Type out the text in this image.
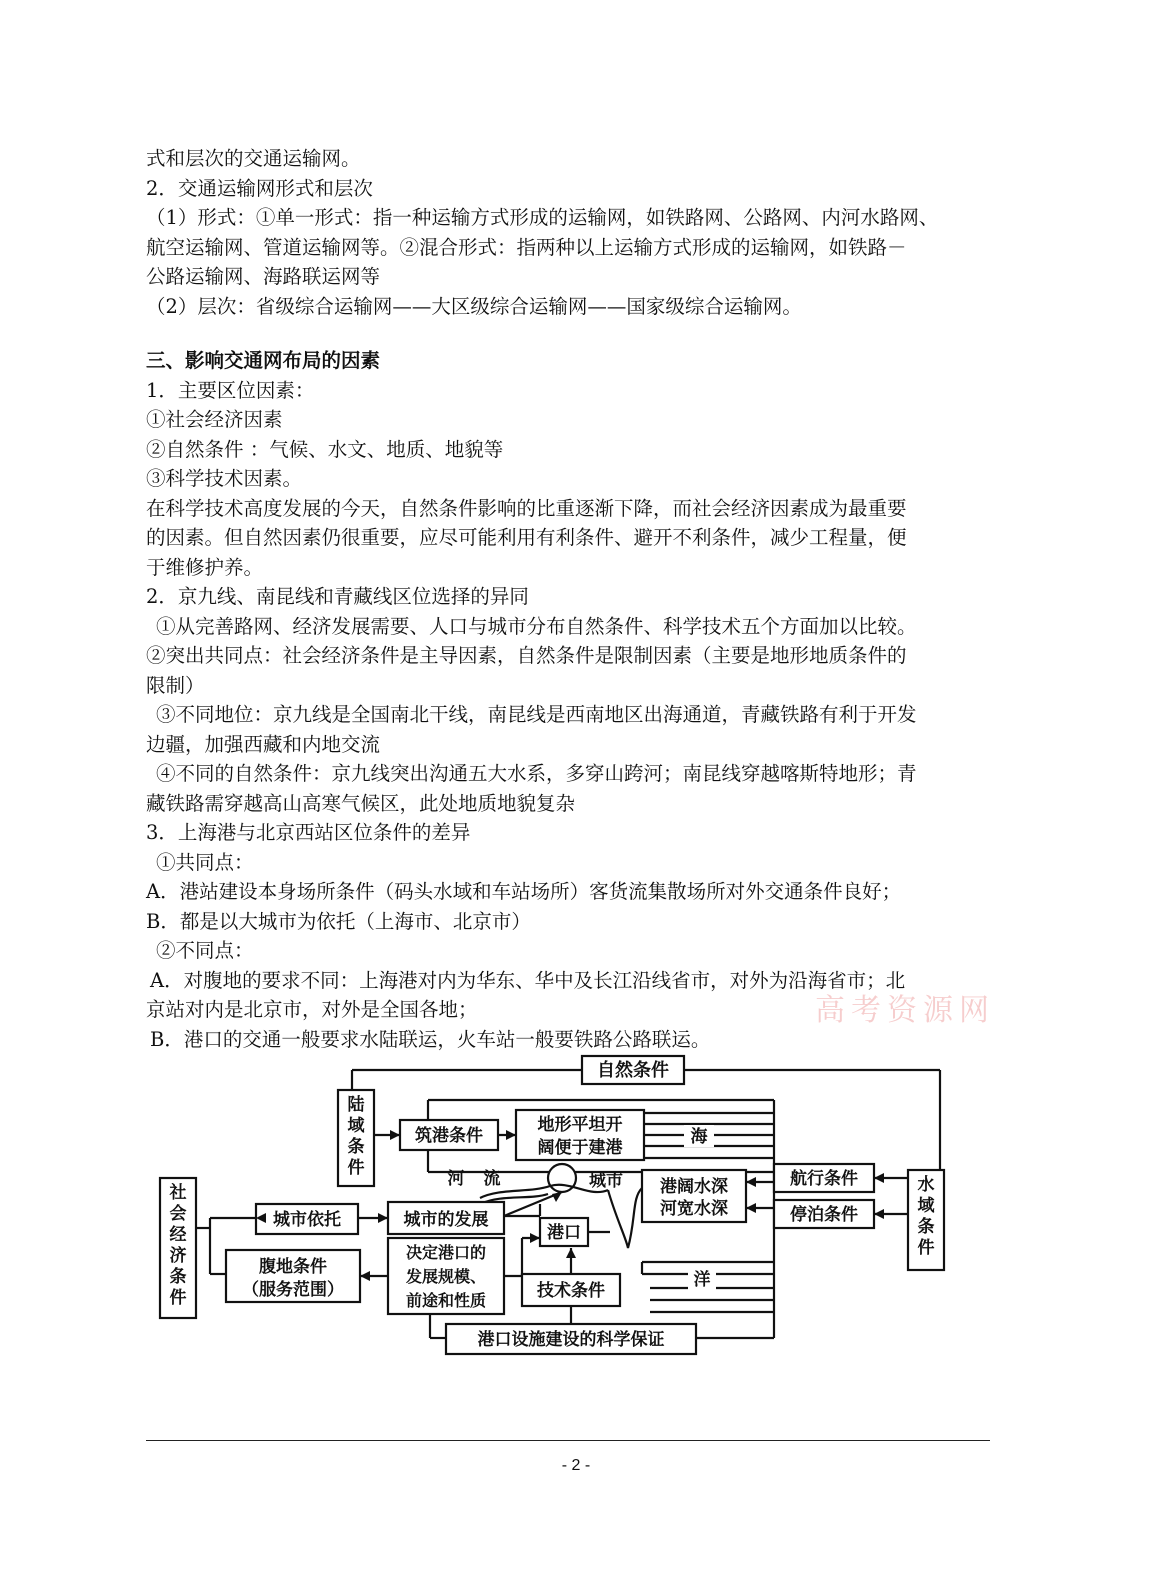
式和层次的交通运输网。
2．交通运输网形式和层次
（1）形式：①单一形式：指一种运输方式形成的运输网，如铁路网、公路网、内河水路网、
航空运输网、管道运输网等。②混合形式：指两种以上运输方式形成的运输网，如铁路－
公路运输网、海路联运网等
（2）层次：省级综合运输网——大区级综合运输网——国家级综合运输网。
三、影响交通网布局的因素
1．主要区位因素：
①社会经济因素
②自然条件 ：气候、水文、地质、地貌等
③科学技术因素。
在科学技术高度发展的今天，自然条件影响的比重逐渐下降，而社会经济因素成为最重要
的因素。但自然因素仍很重要，应尽可能利用有利条件、避开不利条件，减少工程量，便
于维修护养。
2．京九线、南昆线和青藏线区位选择的异同
①从完善路网、经济发展需要、人口与城市分布自然条件、科学技术五个方面加以比较。
②突出共同点：社会经济条件是主导因素，自然条件是限制因素（主要是地形地质条件的
限制）
③不同地位：京九线是全国南北干线，南昆线是西南地区出海通道，青藏铁路有利于开发
边疆，加强西藏和内地交流
④不同的自然条件：京九线突出沟通五大水系，多穿山跨河；南昆线穿越喀斯特地形；青
藏铁路需穿越高山高寒气候区，此处地质地貌复杂
3．上海港与北京西站区位条件的差异
①共同点：
A．港站建设本身场所条件（码头水域和车站场所）客货流集散场所对外交通条件良好；
B．都是以大城市为依托（上海市、北京市）
②不同点：
A．对腹地的要求不同：上海港对内为华东、华中及长江沿线省市，对外为沿海省市；北
京站对内是北京市，对外是全国各地；
B．港口的交通一般要求水陆联运，火车站一般要铁路公路联运。
高考资源网
自然条件
陆域条件
筑港条件
地形平坦开
阔便于建港
海
河 流	城市 港阔水深
河宽水深
航行条件
停泊条件
水域条件
社会经济条件
城市依托	城市的发展
港口
腹地条件
（服务范围）
决定港口的
发展规模、
前途和性质
洋
技术条件
港口设施建设的科学保证
- 2 -
